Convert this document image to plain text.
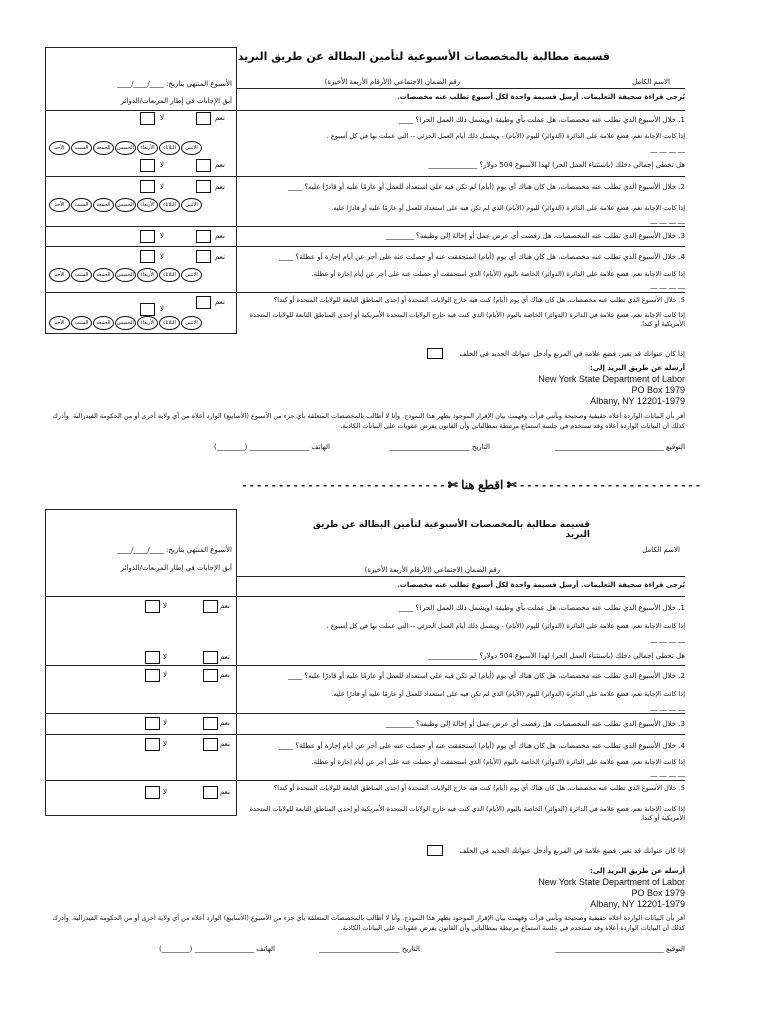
قسيمة مطالبة بالمخصصات الأسبوعية لتأمين البطالة عن طريق البريد
الأسبوع المنتهي بتاريخ: ____/____/____
أبق الإجابات في إطار المربعات/الدوائر
الاسم الكامل
رقم الضمان الاجتماعي (الأرقام الأربعة الأخيرة)
يُرجى قراءة صحيفة التعليمات. أرسل قسيمة واحدة لكل أسبوع تطلب عنه مخصصات.
نعم
لا	1. خلال الأسبوع الذي تطلب عنه مخصصات، هل عملت بأي وظيفة (ويشمل ذلك العمل الحر)؟ ____
إذا كانت الإجابة نعم، فضع علامة على الدائرة (الدوائر) لليوم (الأيام) - ويشمل ذلك أيام العمل الجزئي -- التي عملت بها في كل أسبوع .
__ __ __ __
هل تخطى إجمالي دخلك (باستثناء العمل الحر) لهذا الأسبوع 504 دولار؟ ______________
الاثنينالثلاثاءالأربعاءالخميسالجمعةالسبتالأحد
نعم
لا
نعم
لا	2. خلال الأسبوع الذي تطلب عنه مخصصات، هل كان هناك أي يوم (أيام) لم تكن فيه على استعداد للعمل أو عازمًا عليه أو قادرًا عليه؟ ____
إذا كانت الإجابة نعم، فضع علامة على الدائرة (الدوائر) لليوم (الأيام) الذي لم تكن فيه على استعداد للعمل أو عازمًا عليه أو قادرًا عليه.
__ __ __ __
الاثنينالثلاثاءالأربعاءالخميسالجمعةالسبتالأحد
نعم
لا	3. خلال الأسبوع الذي تطلب عنه المخصصات، هل رفضت أي عرض عمل أو إحالة إلى وظيفة؟ ________
نعم
لا	4. خلال الأسبوع الذي تطلب عنه مخصصات، هل كان هناك أي يوم (أيام) استحققت عنه أو حصلت عنه على أجر عن أيام إجازة أو عطلة؟ ____
إذا كانت الإجابة نعم، فضع علامة على الدائرة (الدوائر) الخاصة باليوم (الأيام) الذي استحققت أو حصلت عنه على أجر عن أيام إجازة أو عطلة.
__ __ __ __
الاثنينالثلاثاءالأربعاءالخميسالجمعةالسبتالأحد
نعم
لا
5. خلال الأسبوع الذي تطلب عنه مخصصات، هل كان هناك أي يوم (أيام) كنت فيه خارج الولايات المتحدة أو إحدى المناطق التابعة للولايات المتحدة أو كندا؟
إذا كانت الإجابة نعم، فضع علامة في الدائرة (الدوائر) الخاصة باليوم (الأيام) الذي كنت فيه خارج الولايات المتحدة الأمريكية أو إحدى المناطق التابعة للولايات المتحدة الأمريكية أو كندا.
الاثنينالثلاثاءالأربعاءالخميسالجمعةالسبتالأحد
إذا كان عنوانك قد تغير، فضع علامة في المربع وأدخل عنوانك الجديد في الخلف
أرسله عن طريق البريد إلى:
New York State Department of Labor
PO Box 1979
Albany, NY 12201-1979
أقر بأن البيانات الواردة أعلاه حقيقية وصحيحة وبأنني قرأت وفهمت بيان الإقرار الموجود بظهر هذا النموذج. وأنا لا أطالب بالمخصصات المتعلقة بأي جزء من الأسبوع (الأسابيع) الوارد أعلاه من أي ولاية أخرى أو من الحكومة الفيدرالية. وأدرك كذلك أن البيانات الواردة أعلاه وقد تستخدم في جلسة استماع مرتبطة بمطالباتي وأن القانون يفرض عقوبات على البيانات الكاذبة.
التوقيع _______________________________
التاريخ _______________________
الهاتف _________________ (________)
- - - - - - - - - - - - - - - - - - - - - - - - - ✄ اقطع هنا ✄ - - - - - - - - - - - - - - - - - - - - - - - - - - - -
قسيمة مطالبة بالمخصصات الأسبوعية لتأمين البطالة عن طريق البريد
الأسبوع المنتهي بتاريخ: ____/____/____
أبق الإجابات في إطار المربعات/الدوائر
الاسم الكامل
رقم الضمان الاجتماعي (الأرقام الأربعة الأخيرة)
يُرجى قراءة صحيفة التعليمات. أرسل قسيمة واحدة لكل أسبوع تطلب عنه مخصصات.
نعم
لا	1. خلال الأسبوع الذي تطلب عنه مخصصات، هل عملت بأي وظيفة (ويشمل ذلك العمل الحر)؟ ____
إذا كانت الإجابة نعم، فضع علامة على الدائرة (الدوائر) لليوم (الأيام) - ويشمل ذلك أيام العمل الجزئي -- التي عملت بها في كل أسبوع .
__ __ __ __
هل تخطى إجمالي دخلك (باستثناء العمل الحر) لهذا الأسبوع 504 دولار؟ ______________
نعم
لا
نعم
لا	2. خلال الأسبوع الذي تطلب عنه مخصصات، هل كان هناك أي يوم (أيام) لم تكن فيه على استعداد للعمل أو عازمًا عليه أو قادرًا عليه؟ ____
إذا كانت الإجابة نعم، فضع علامة على الدائرة (الدوائر) لليوم (الأيام) الذي لم تكن فيه على استعداد للعمل أو عازمًا عليه أو قادرًا عليه.
__ __ __ __
نعم
لا	3. خلال الأسبوع الذي تطلب عنه المخصصات، هل رفضت أي عرض عمل أو إحالة إلى وظيفة؟ ________
نعم
لا	4. خلال الأسبوع الذي تطلب عنه مخصصات، هل كان هناك أي يوم (أيام) استحققت عنه أو حصلت عنه على أجر عن أيام إجازة أو عطلة؟ ____
إذا كانت الإجابة نعم، فضع علامة على الدائرة (الدوائر) الخاصة باليوم (الأيام) الذي استحققت أو حصلت عنه على أجر عن أيام إجازة أو عطلة.
__ __ __ __
نعم
لا	5. خلال الأسبوع الذي تطلب عنه مخصصات، هل كان هناك أي يوم (أيام) كنت فيه خارج الولايات المتحدة أو إحدى المناطق التابعة للولايات المتحدة أو كندا؟
إذا كانت الإجابة نعم، فضع علامة في الدائرة (الدوائر) الخاصة باليوم (الأيام) الذي كنت فيه خارج الولايات المتحدة الأمريكية أو إحدى المناطق التابعة للولايات المتحدة الأمريكية أو كندا.
إذا كان عنوانك قد تغير، فضع علامة في المربع وأدخل عنوانك الجديد في الخلف
أرسله عن طريق البريد إلى:
New York State Department of Labor
PO Box 1979
Albany, NY 12201-1979
أقر بأن البيانات الواردة أعلاه حقيقية وصحيحة وبأنني قرأت وفهمت بيان الإقرار الموجود بظهر هذا النموذج. وأنا لا أطالب بالمخصصات المتعلقة بأي جزء من الأسبوع (الأسابيع) الوارد أعلاه من أي ولاية أخرى أو من الحكومة الفيدرالية. وأدرك كذلك أن البيانات الواردة أعلاه وقد تستخدم في جلسة استماع مرتبطة بمطالباتي وأن القانون يفرض عقوبات على البيانات الكاذبة.
التوقيع _______________________________
التاريخ _______________________
الهاتف _________________ (________)
